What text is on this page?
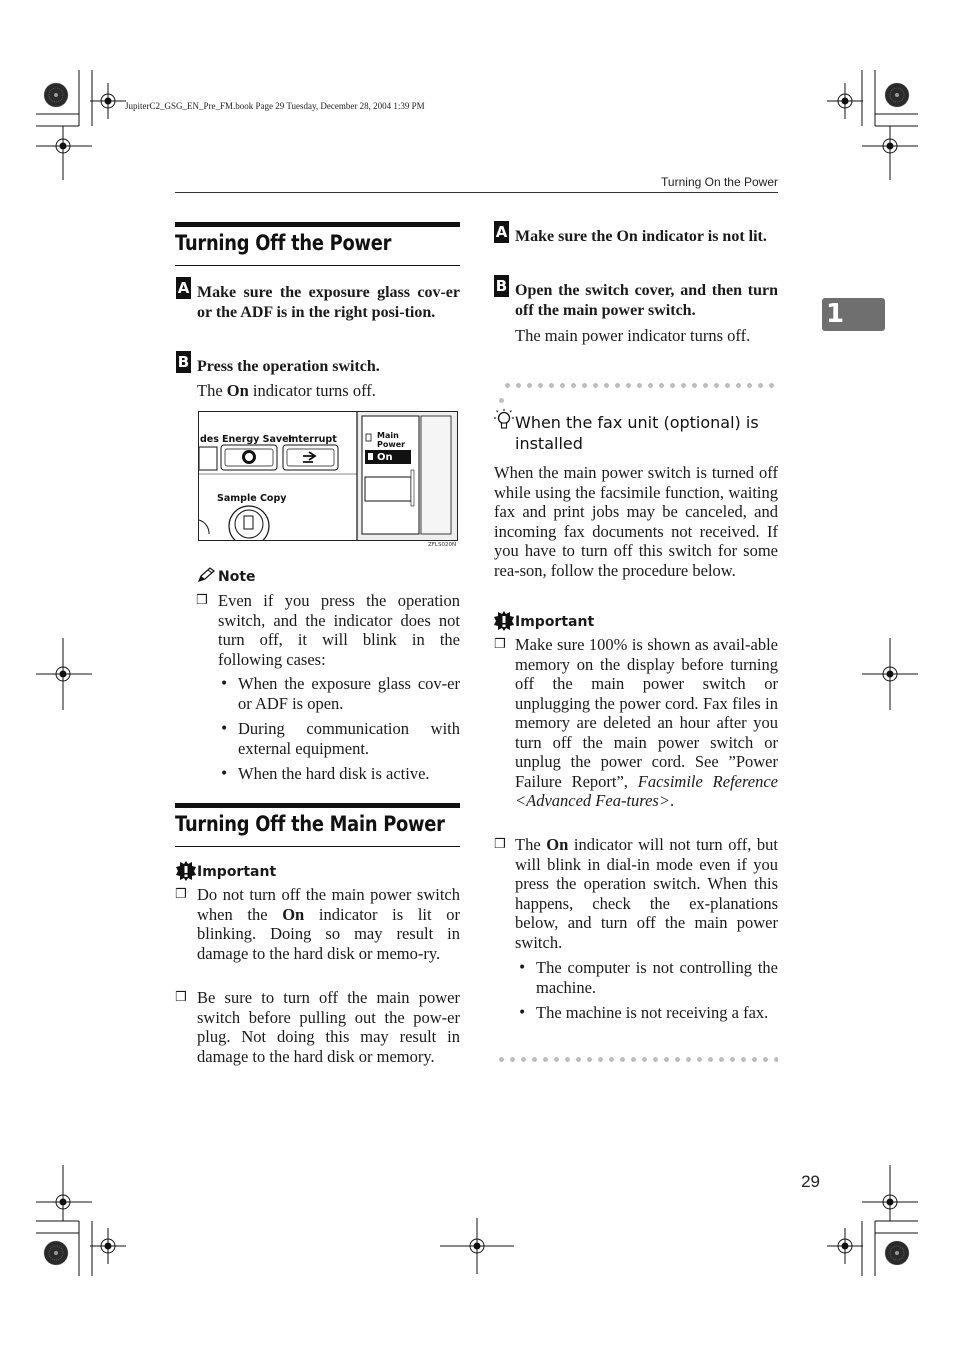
JupiterC2_GSG_EN_Pre_FM.book Page 29 Tuesday, December 28, 2004 1:39 PM
Turning On the Power
1
Turning Off the Power
A Make sure the exposure glass cov-er or the ADF is in the right posi-tion.
B Press the operation switch.
The On indicator turns off.
des Energy Saver
Interrupt	Main
Power
On
Sample Copy
ZFLS020N
Note
❒ Even if you press the operation switch, and the indicator does not turn off, it will blink in the following cases:
• When the exposure glass cov-er or ADF is open.
• During communication with external equipment.
• When the hard disk is active.
Turning Off the Main Power
Important
❒ Do not turn off the main power switch when the On indicator is lit or blinking. Doing so may result in damage to the hard disk or memo-ry.
❒ Be sure to turn off the main power switch before pulling out the pow-er plug. Not doing this may result in damage to the hard disk or memory.
A Make sure the On indicator is not lit.
B Open the switch cover, and then turn off the main power switch.
The main power indicator turns off.
When the fax unit (optional) is installed
When the main power switch is turned off while using the facsimile function, waiting fax and print jobs may be canceled, and incoming fax documents not received. If you have to turn off this switch for some rea-son, follow the procedure below.
Important
❒ Make sure 100% is shown as avail-able memory on the display before turning off the main power switch or unplugging the power cord. Fax files in memory are deleted an hour after you turn off the main power switch or unplug the power cord. See ”Power Failure Report”, Facsimile Reference <Advanced Fea-tures>.
❒ The On indicator will not turn off, but will blink in dial-in mode even if you press the operation switch. When this happens, check the ex-planations below, and turn off the main power switch.
• The computer is not controlling the machine.
• The machine is not receiving a fax.
29
